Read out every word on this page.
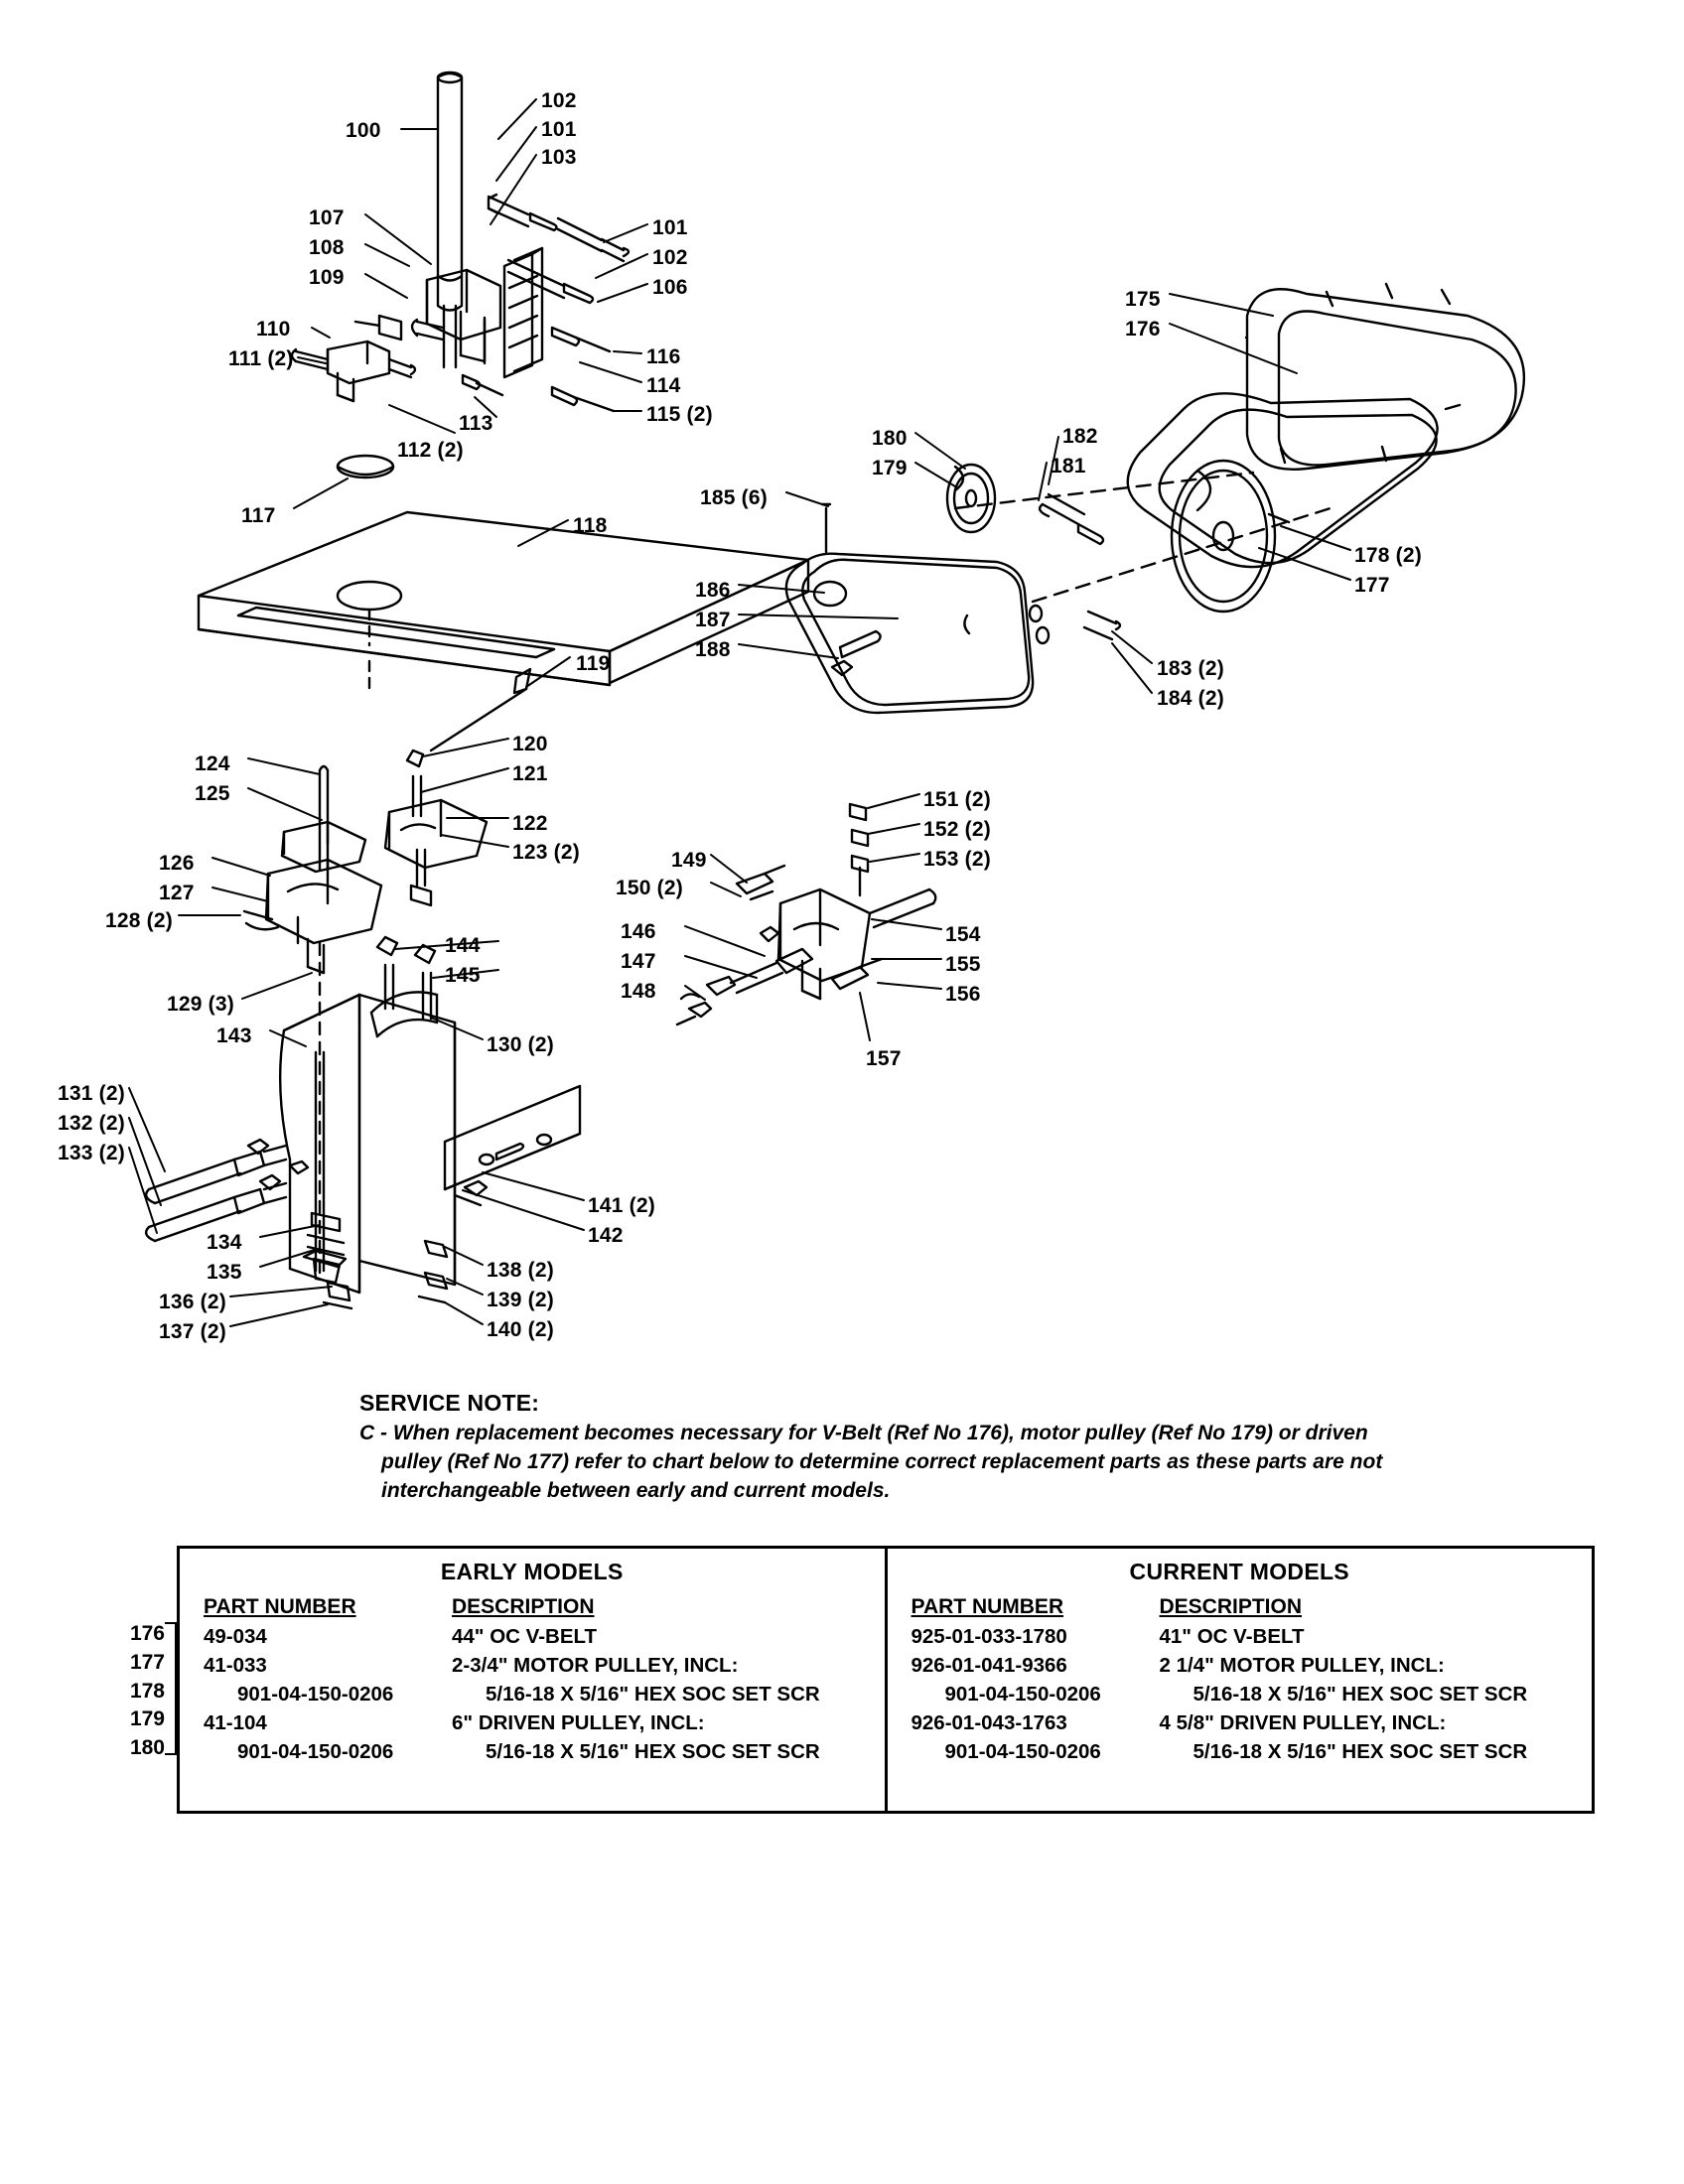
100
102
101
103
107
108
109
101
102
106
110
111 (2)	116
114
115 (2)
113
112 (2)
117	118
119
120
121
124
125
122
123 (2)
126
127
128 (2)
129 (3)
143
144
145
130 (2)
131 (2)
132 (2)
133 (2)
134
135
136 (2)
137 (2)
138 (2)
139 (2)
140 (2)
141 (2)
142
146
147
148
149
150 (2)
151 (2)
152 (2)
153 (2)
154
155
156
157
180
179
182
181
185 (6)
186
187
188
183 (2)
184 (2)
175
176
178 (2)
177
SERVICE NOTE:
C - When replacement becomes necessary for V-Belt (Ref No 176), motor pulley (Ref No 179) or driven pulley (Ref No 177) refer to chart below to determine correct replacement parts as these parts are not interchangeable between early and current models.
176
177
178
179
180
EARLY MODELS
PART NUMBER	DESCRIPTION
49-034	44" OC V-BELT
41-033	2-3/4" MOTOR PULLEY, INCL:
901-04-150-0206	5/16-18 X 5/16" HEX SOC SET SCR
41-104	6" DRIVEN PULLEY, INCL:
901-04-150-0206	5/16-18 X 5/16" HEX SOC SET SCR
CURRENT MODELS
PART NUMBER	DESCRIPTION
925-01-033-1780	41" OC V-BELT
926-01-041-9366	2 1/4" MOTOR PULLEY, INCL:
901-04-150-0206	5/16-18 X 5/16" HEX SOC SET SCR
926-01-043-1763	4 5/8" DRIVEN PULLEY, INCL:
901-04-150-0206	5/16-18 X 5/16" HEX SOC SET SCR
